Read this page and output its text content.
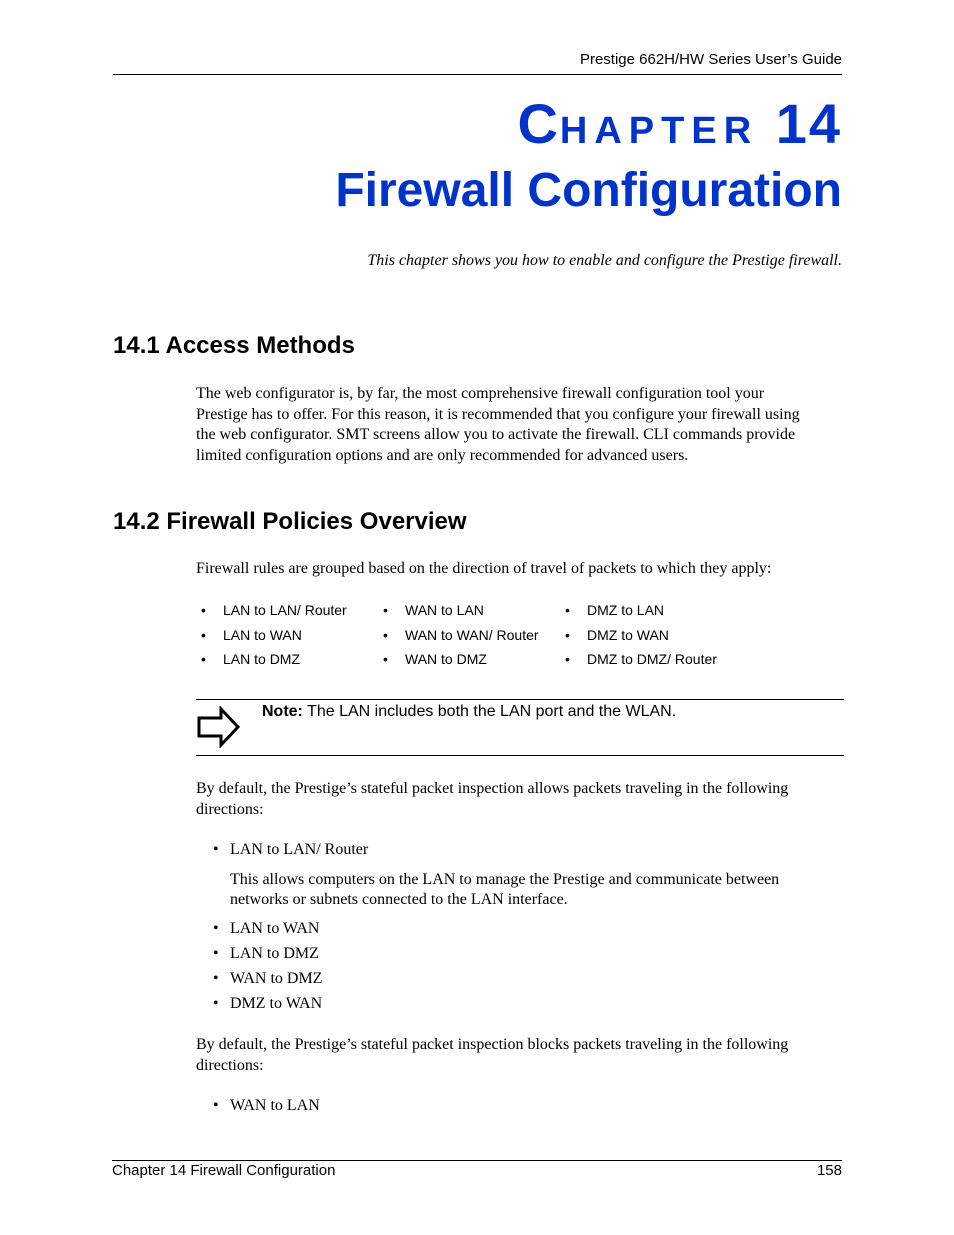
Prestige 662H/HW Series User’s Guide
CHAPTER 14
Firewall Configuration
This chapter shows you how to enable and configure the Prestige firewall.
14.1 Access Methods
The web configurator is, by far, the most comprehensive firewall configuration tool your
Prestige has to offer. For this reason, it is recommended that you configure your firewall using
the web configurator. SMT screens allow you to activate the firewall. CLI commands provide
limited configuration options and are only recommended for advanced users.
14.2 Firewall Policies Overview
Firewall rules are grouped based on the direction of travel of packets to which they apply:
•	LAN to LAN/ Router	•	WAN to LAN	•	DMZ to LAN
•	LAN to WAN	•	WAN to WAN/ Router	•	DMZ to WAN
•	LAN to DMZ	•	WAN to DMZ	•	DMZ to DMZ/ Router
Note: The LAN includes both the LAN port and the WLAN.
By default, the Prestige’s stateful packet inspection allows packets traveling in the following
directions:
• LAN to LAN/ Router
This allows computers on the LAN to manage the Prestige and communicate between
networks or subnets connected to the LAN interface.
• LAN to WAN
• LAN to DMZ
• WAN to DMZ
• DMZ to WAN
By default, the Prestige’s stateful packet inspection blocks packets traveling in the following
directions:
• WAN to LAN
Chapter 14 Firewall Configuration	158
